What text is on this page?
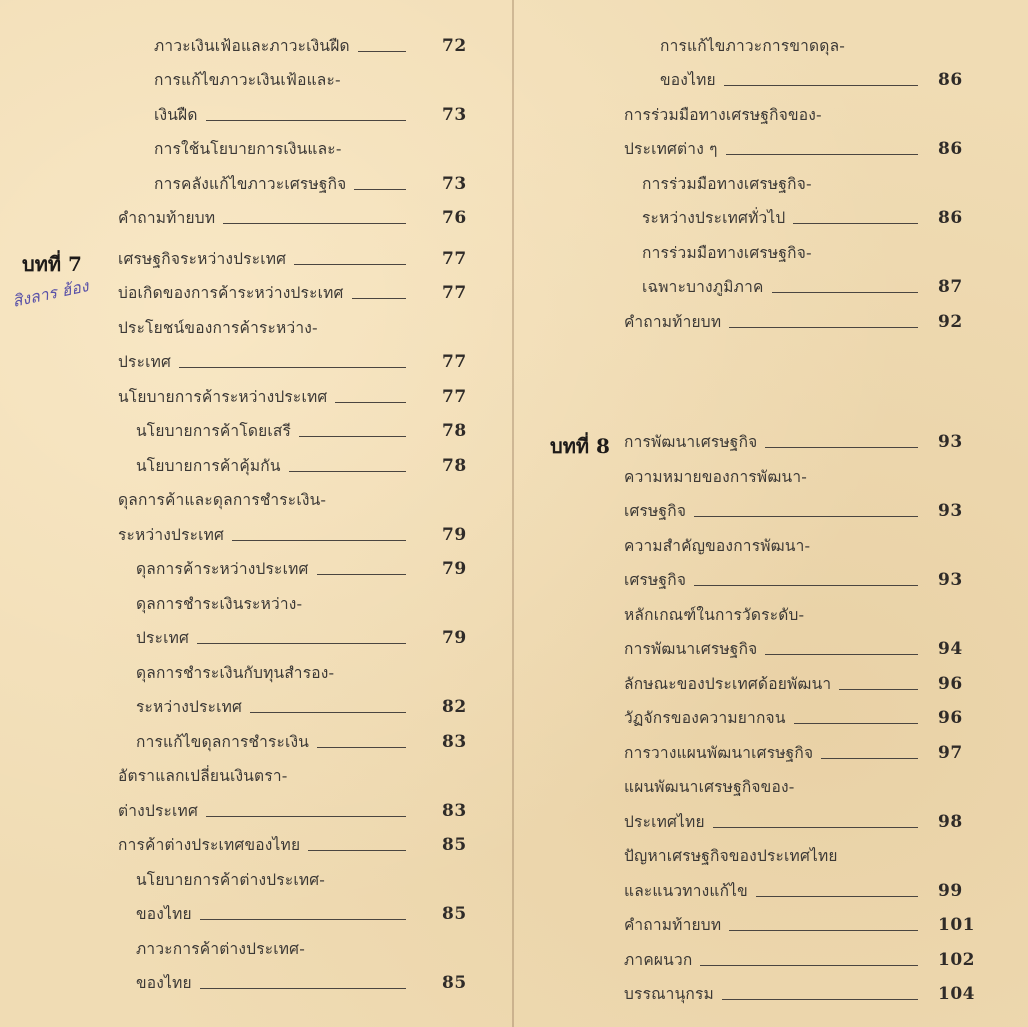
บทที่ 7
บทที่ 8
สิงลาร ฮ้อง
ภาวะเงินเฟ้อและภาวะเงินฝืด	72
การแก้ไขภาวะเงินเฟ้อและ-
เงินฝืด	73
การใช้นโยบายการเงินและ-
การคลังแก้ไขภาวะเศรษฐกิจ	73
คำถามท้ายบท	76
เศรษฐกิจระหว่างประเทศ	77
บ่อเกิดของการค้าระหว่างประเทศ	77
ประโยชน์ของการค้าระหว่าง-
ประเทศ	77
นโยบายการค้าระหว่างประเทศ	77
นโยบายการค้าโดยเสรี	78
นโยบายการค้าคุ้มกัน	78
ดุลการค้าและดุลการชำระเงิน-
ระหว่างประเทศ	79
ดุลการค้าระหว่างประเทศ	79
ดุลการชำระเงินระหว่าง-
ประเทศ	79
ดุลการชำระเงินกับทุนสำรอง-
ระหว่างประเทศ	82
การแก้ไขดุลการชำระเงิน	83
อัตราแลกเปลี่ยนเงินตรา-
ต่างประเทศ	83
การค้าต่างประเทศของไทย	85
นโยบายการค้าต่างประเทศ-
ของไทย	85
ภาวะการค้าต่างประเทศ-
ของไทย	85
การแก้ไขภาวะการขาดดุล-
ของไทย	86
การร่วมมือทางเศรษฐกิจของ-
ประเทศต่าง ๆ	86
การร่วมมือทางเศรษฐกิจ-
ระหว่างประเทศทั่วไป	86
การร่วมมือทางเศรษฐกิจ-
เฉพาะบางภูมิภาค	87
คำถามท้ายบท	92
การพัฒนาเศรษฐกิจ	93
ความหมายของการพัฒนา-
เศรษฐกิจ	93
ความสำคัญของการพัฒนา-
เศรษฐกิจ	93
หลักเกณฑ์ในการวัดระดับ-
การพัฒนาเศรษฐกิจ	94
ลักษณะของประเทศด้อยพัฒนา	96
วัฏจักรของความยากจน	96
การวางแผนพัฒนาเศรษฐกิจ	97
แผนพัฒนาเศรษฐกิจของ-
ประเทศไทย	98
ปัญหาเศรษฐกิจของประเทศไทย
และแนวทางแก้ไข	99
คำถามท้ายบท	101
ภาคผนวก	102
บรรณานุกรม	104
